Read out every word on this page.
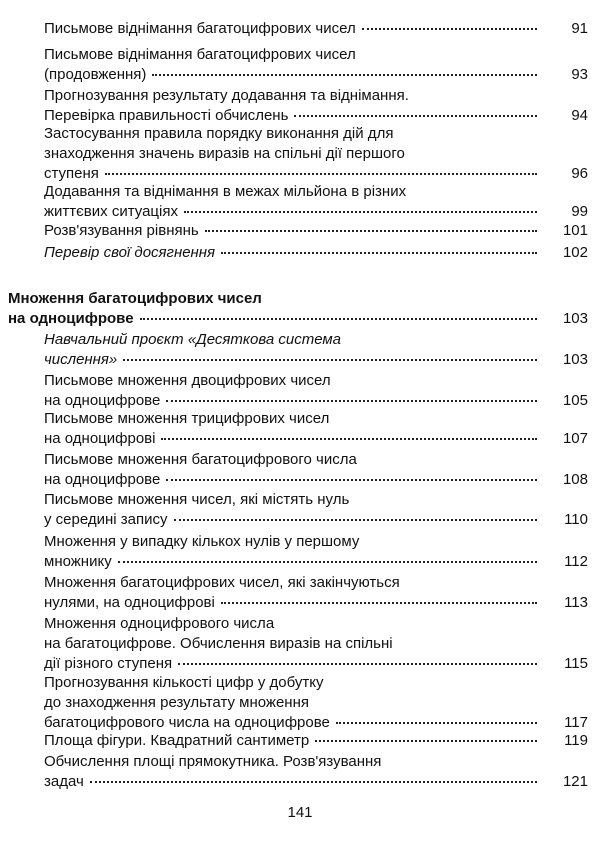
Письмове віднімання багатоцифрових чисел	91
Письмове віднімання багатоцифрових чисел
(продовження)	93
Прогнозування результату додавання та віднімання.
Перевірка правильності обчислень	94
Застосування правила порядку виконання дій для
знаходження значень виразів на спільні дії першого
ступеня	96
Додавання та віднімання в межах мільйона в різних
життєвих ситуаціях	99
Розв'язування рівнянь	101
Перевір свої досягнення	102
Множення багатоцифрових чисел
на одноцифрове	103
Навчальний проєкт «Десяткова система
числення»	103
Письмове множення двоцифрових чисел
на одноцифрове	105
Письмове множення трицифрових чисел
на одноцифрові	107
Письмове множення багатоцифрового числа
на одноцифрове	108
Письмове множення чисел, які містять нуль
у середині запису	110
Множення у випадку кількох нулів у першому
множнику	112
Множення багатоцифрових чисел, які закінчуються
нулями, на одноцифрові	113
Множення одноцифрового числа
на багатоцифрове. Обчислення виразів на спільні
дії різного ступеня	115
Прогнозування кількості цифр у добутку
до знаходження результату множення
багатоцифрового числа на одноцифрове	117
Площа фігури. Квадратний сантиметр	119
Обчислення площі прямокутника. Розв'язування
задач	121
141
